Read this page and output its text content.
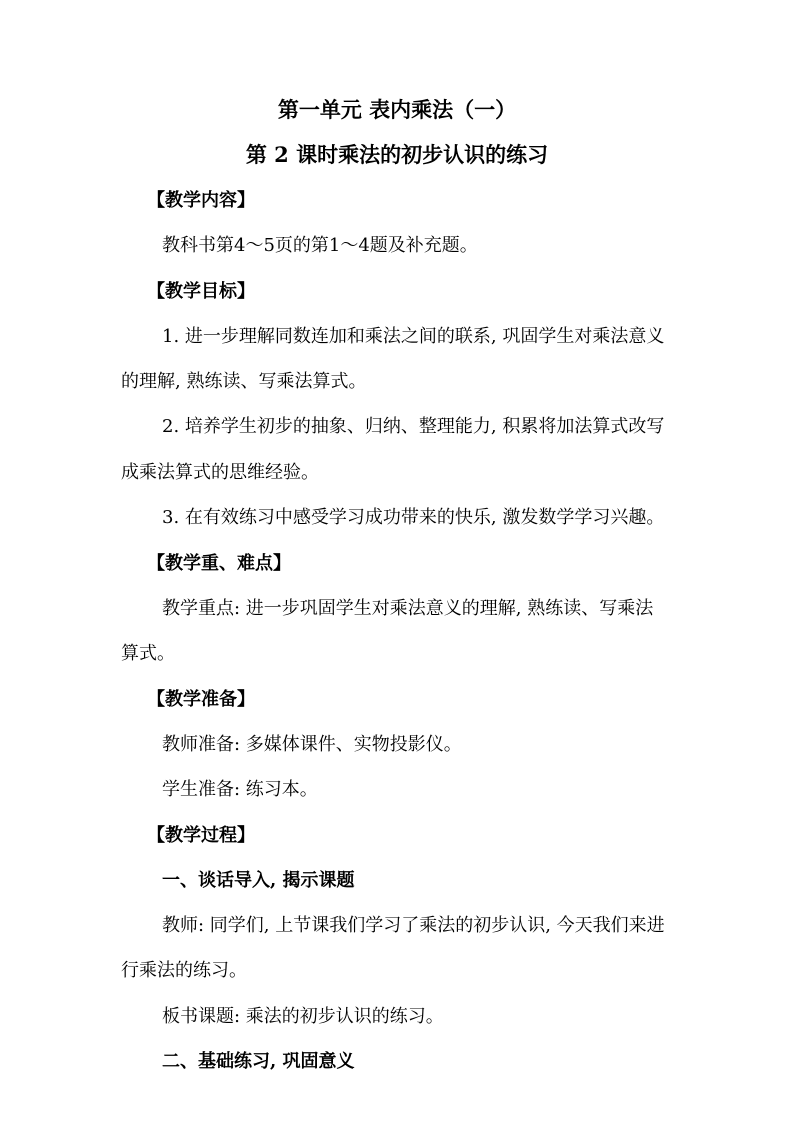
第一单元 表内乘法（一）
第 2 课时乘法的初步认识的练习
【教学内容】
教科书第4～5页的第1～4题及补充题。
【教学目标】
1. 进一步理解同数连加和乘法之间的联系, 巩固学生对乘法意义
的理解, 熟练读、写乘法算式。
2. 培养学生初步的抽象、归纳、整理能力, 积累将加法算式改写
成乘法算式的思维经验。
3. 在有效练习中感受学习成功带来的快乐, 激发数学学习兴趣。
【教学重、难点】
教学重点: 进一步巩固学生对乘法意义的理解, 熟练读、写乘法
算式。
【教学准备】
教师准备: 多媒体课件、实物投影仪。
学生准备: 练习本。
【教学过程】
一、谈话导入, 揭示课题
教师: 同学们, 上节课我们学习了乘法的初步认识, 今天我们来进
行乘法的练习。
板书课题: 乘法的初步认识的练习。
二、基础练习, 巩固意义
